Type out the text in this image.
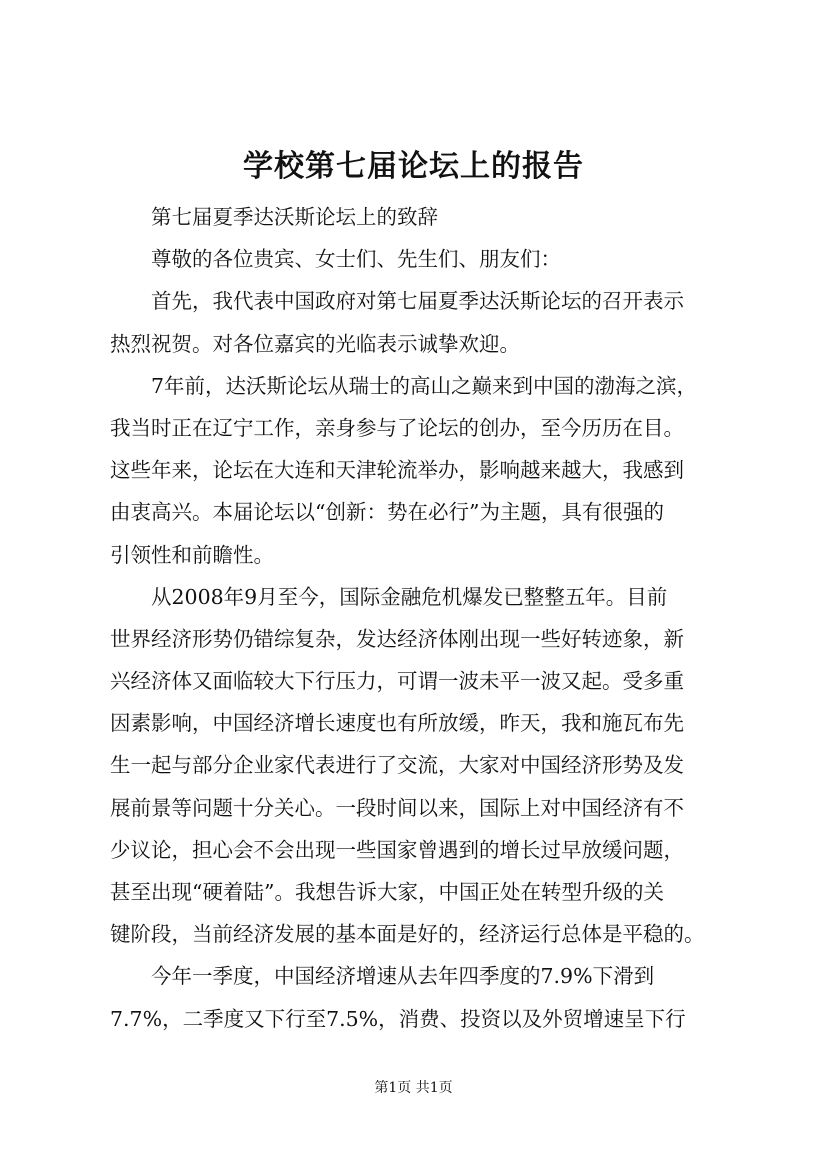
学校第七届论坛上的报告
第七届夏季达沃斯论坛上的致辞
尊敬的各位贵宾、女士们、先生们、朋友们：
首先，我代表中国政府对第七届夏季达沃斯论坛的召开表示
热烈祝贺。对各位嘉宾的光临表示诚挚欢迎。
7年前，达沃斯论坛从瑞士的高山之巅来到中国的渤海之滨，
我当时正在辽宁工作，亲身参与了论坛的创办，至今历历在目。
这些年来，论坛在大连和天津轮流举办，影响越来越大，我感到
由衷高兴。本届论坛以“创新：势在必行”为主题，具有很强的
引领性和前瞻性。
从2008年9月至今，国际金融危机爆发已整整五年。目前
世界经济形势仍错综复杂，发达经济体刚出现一些好转迹象，新
兴经济体又面临较大下行压力，可谓一波未平一波又起。受多重
因素影响，中国经济增长速度也有所放缓，昨天，我和施瓦布先
生一起与部分企业家代表进行了交流，大家对中国经济形势及发
展前景等问题十分关心。一段时间以来，国际上对中国经济有不
少议论，担心会不会出现一些国家曾遇到的增长过早放缓问题，
甚至出现“硬着陆”。我想告诉大家，中国正处在转型升级的关
键阶段，当前经济发展的基本面是好的，经济运行总体是平稳的。
今年一季度，中国经济增速从去年四季度的7.9%下滑到
7.7%，二季度又下行至7.5%，消费、投资以及外贸增速呈下行
第1页 共1页
